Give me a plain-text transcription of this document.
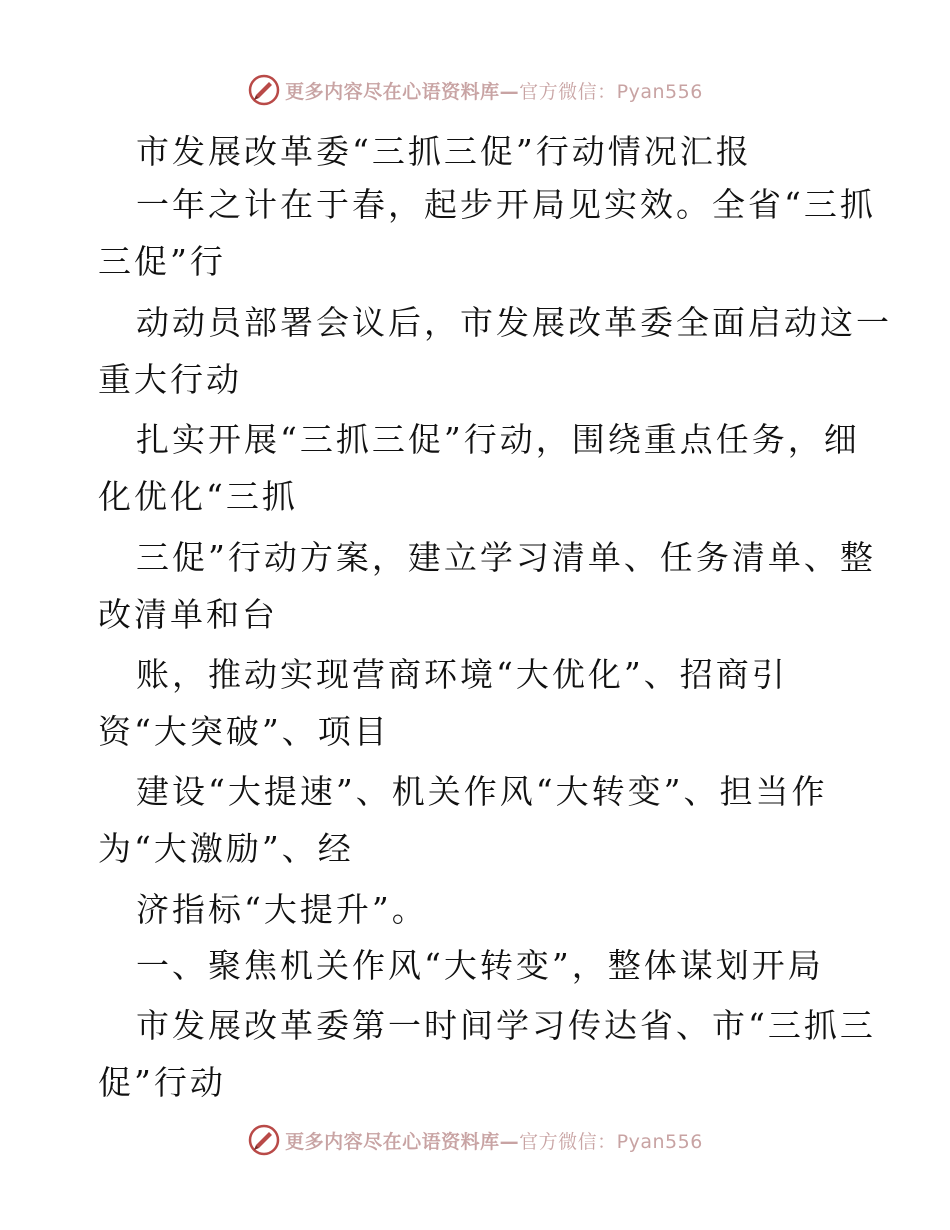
更多内容尽在心语资料库—官方微信：Pyan556
市发展改革委“三抓三促”行动情况汇报
一年之计在于春，起步开局见实效。全省“三抓
三促”行
动动员部署会议后，市发展改革委全面启动这一
重大行动
扎实开展“三抓三促”行动，围绕重点任务，细
化优化“三抓
三促”行动方案，建立学习清单、任务清单、整
改清单和台
账，推动实现营商环境“大优化”、招商引
资“大突破”、项目
建设“大提速”、机关作风“大转变”、担当作
为“大激励”、经
济指标“大提升”。
一、聚焦机关作风“大转变”，整体谋划开局
市发展改革委第一时间学习传达省、市“三抓三
促”行动
更多内容尽在心语资料库—官方微信：Pyan556
